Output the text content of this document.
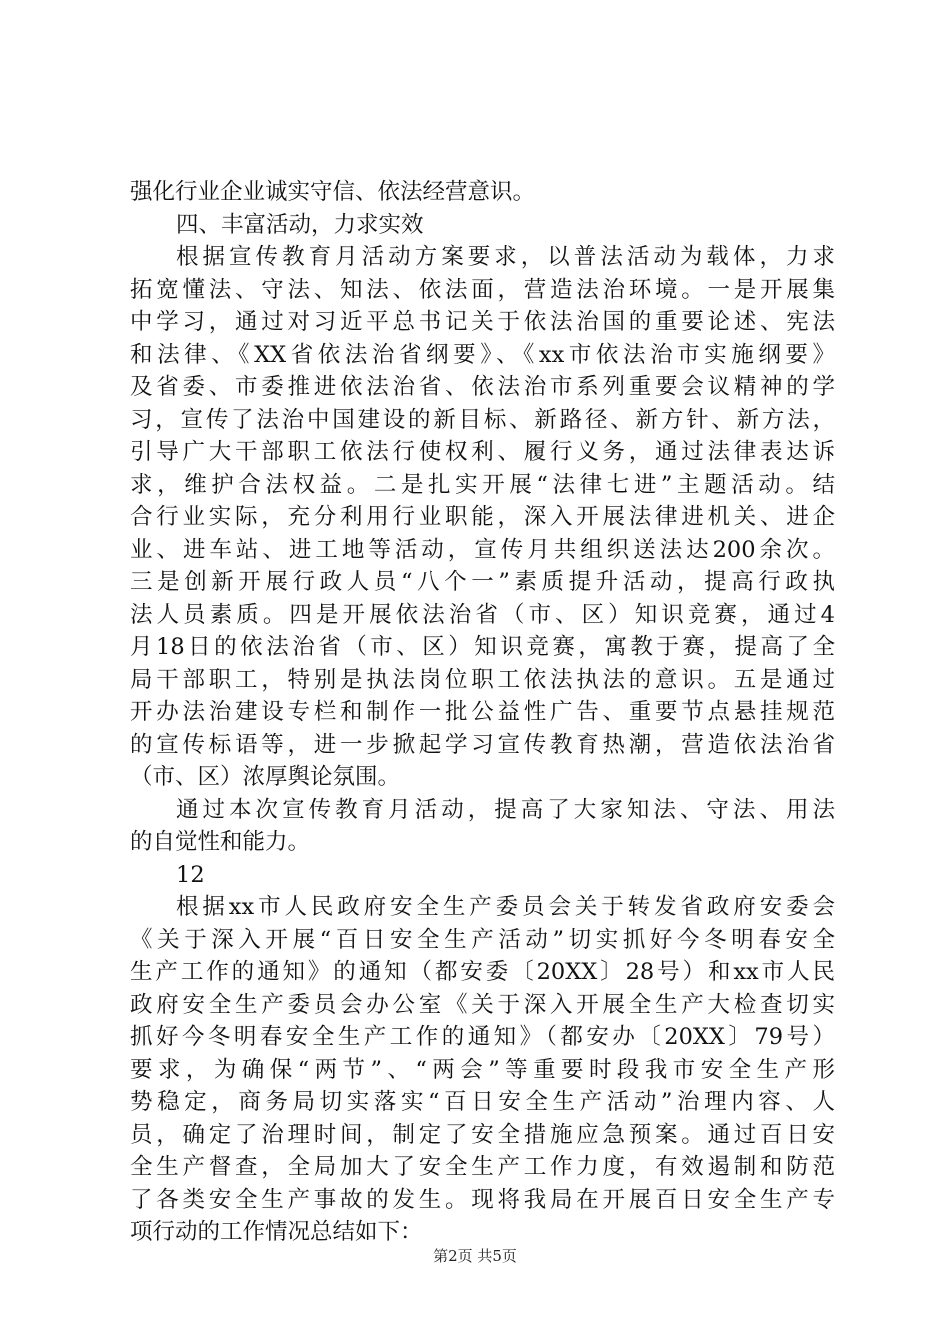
强化行业企业诚实守信、依法经营意识。
四、丰富活动，力求实效
根据宣传教育月活动方案要求，以普法活动为载体，力求
拓宽懂法、守法、知法、依法面，营造法治环境。一是开展集
中学习，通过对习近平总书记关于依法治国的重要论述、宪法
和法律、《XX省依法治省纲要》、《xx市依法治市实施纲要》
及省委、市委推进依法治省、依法治市系列重要会议精神的学
习，宣传了法治中国建设的新目标、新路径、新方针、新方法，
引导广大干部职工依法行使权利、履行义务，通过法律表达诉
求，维护合法权益。二是扎实开展“法律七进”主题活动。结
合行业实际，充分利用行业职能，深入开展法律进机关、进企
业、进车站、进工地等活动，宣传月共组织送法达200余次。
三是创新开展行政人员“八个一”素质提升活动，提高行政执
法人员素质。四是开展依法治省（市、区）知识竞赛，通过4
月18日的依法治省（市、区）知识竞赛，寓教于赛，提高了全
局干部职工，特别是执法岗位职工依法执法的意识。五是通过
开办法治建设专栏和制作一批公益性广告、重要节点悬挂规范
的宣传标语等，进一步掀起学习宣传教育热潮，营造依法治省
（市、区）浓厚舆论氛围。
通过本次宣传教育月活动，提高了大家知法、守法、用法
的自觉性和能力。
12
根据xx市人民政府安全生产委员会关于转发省政府安委会
《关于深入开展“百日安全生产活动”切实抓好今冬明春安全
生产工作的通知》的通知（都安委〔20XX〕28号）和xx市人民
政府安全生产委员会办公室《关于深入开展全生产大检查切实
抓好今冬明春安全生产工作的通知》（都安办〔20XX〕79号）
要求，为确保“两节”、“两会”等重要时段我市安全生产形
势稳定，商务局切实落实“百日安全生产活动”治理内容、人
员，确定了治理时间，制定了安全措施应急预案。通过百日安
全生产督查，全局加大了安全生产工作力度，有效遏制和防范
了各类安全生产事故的发生。现将我局在开展百日安全生产专
项行动的工作情况总结如下：
第2页 共5页
